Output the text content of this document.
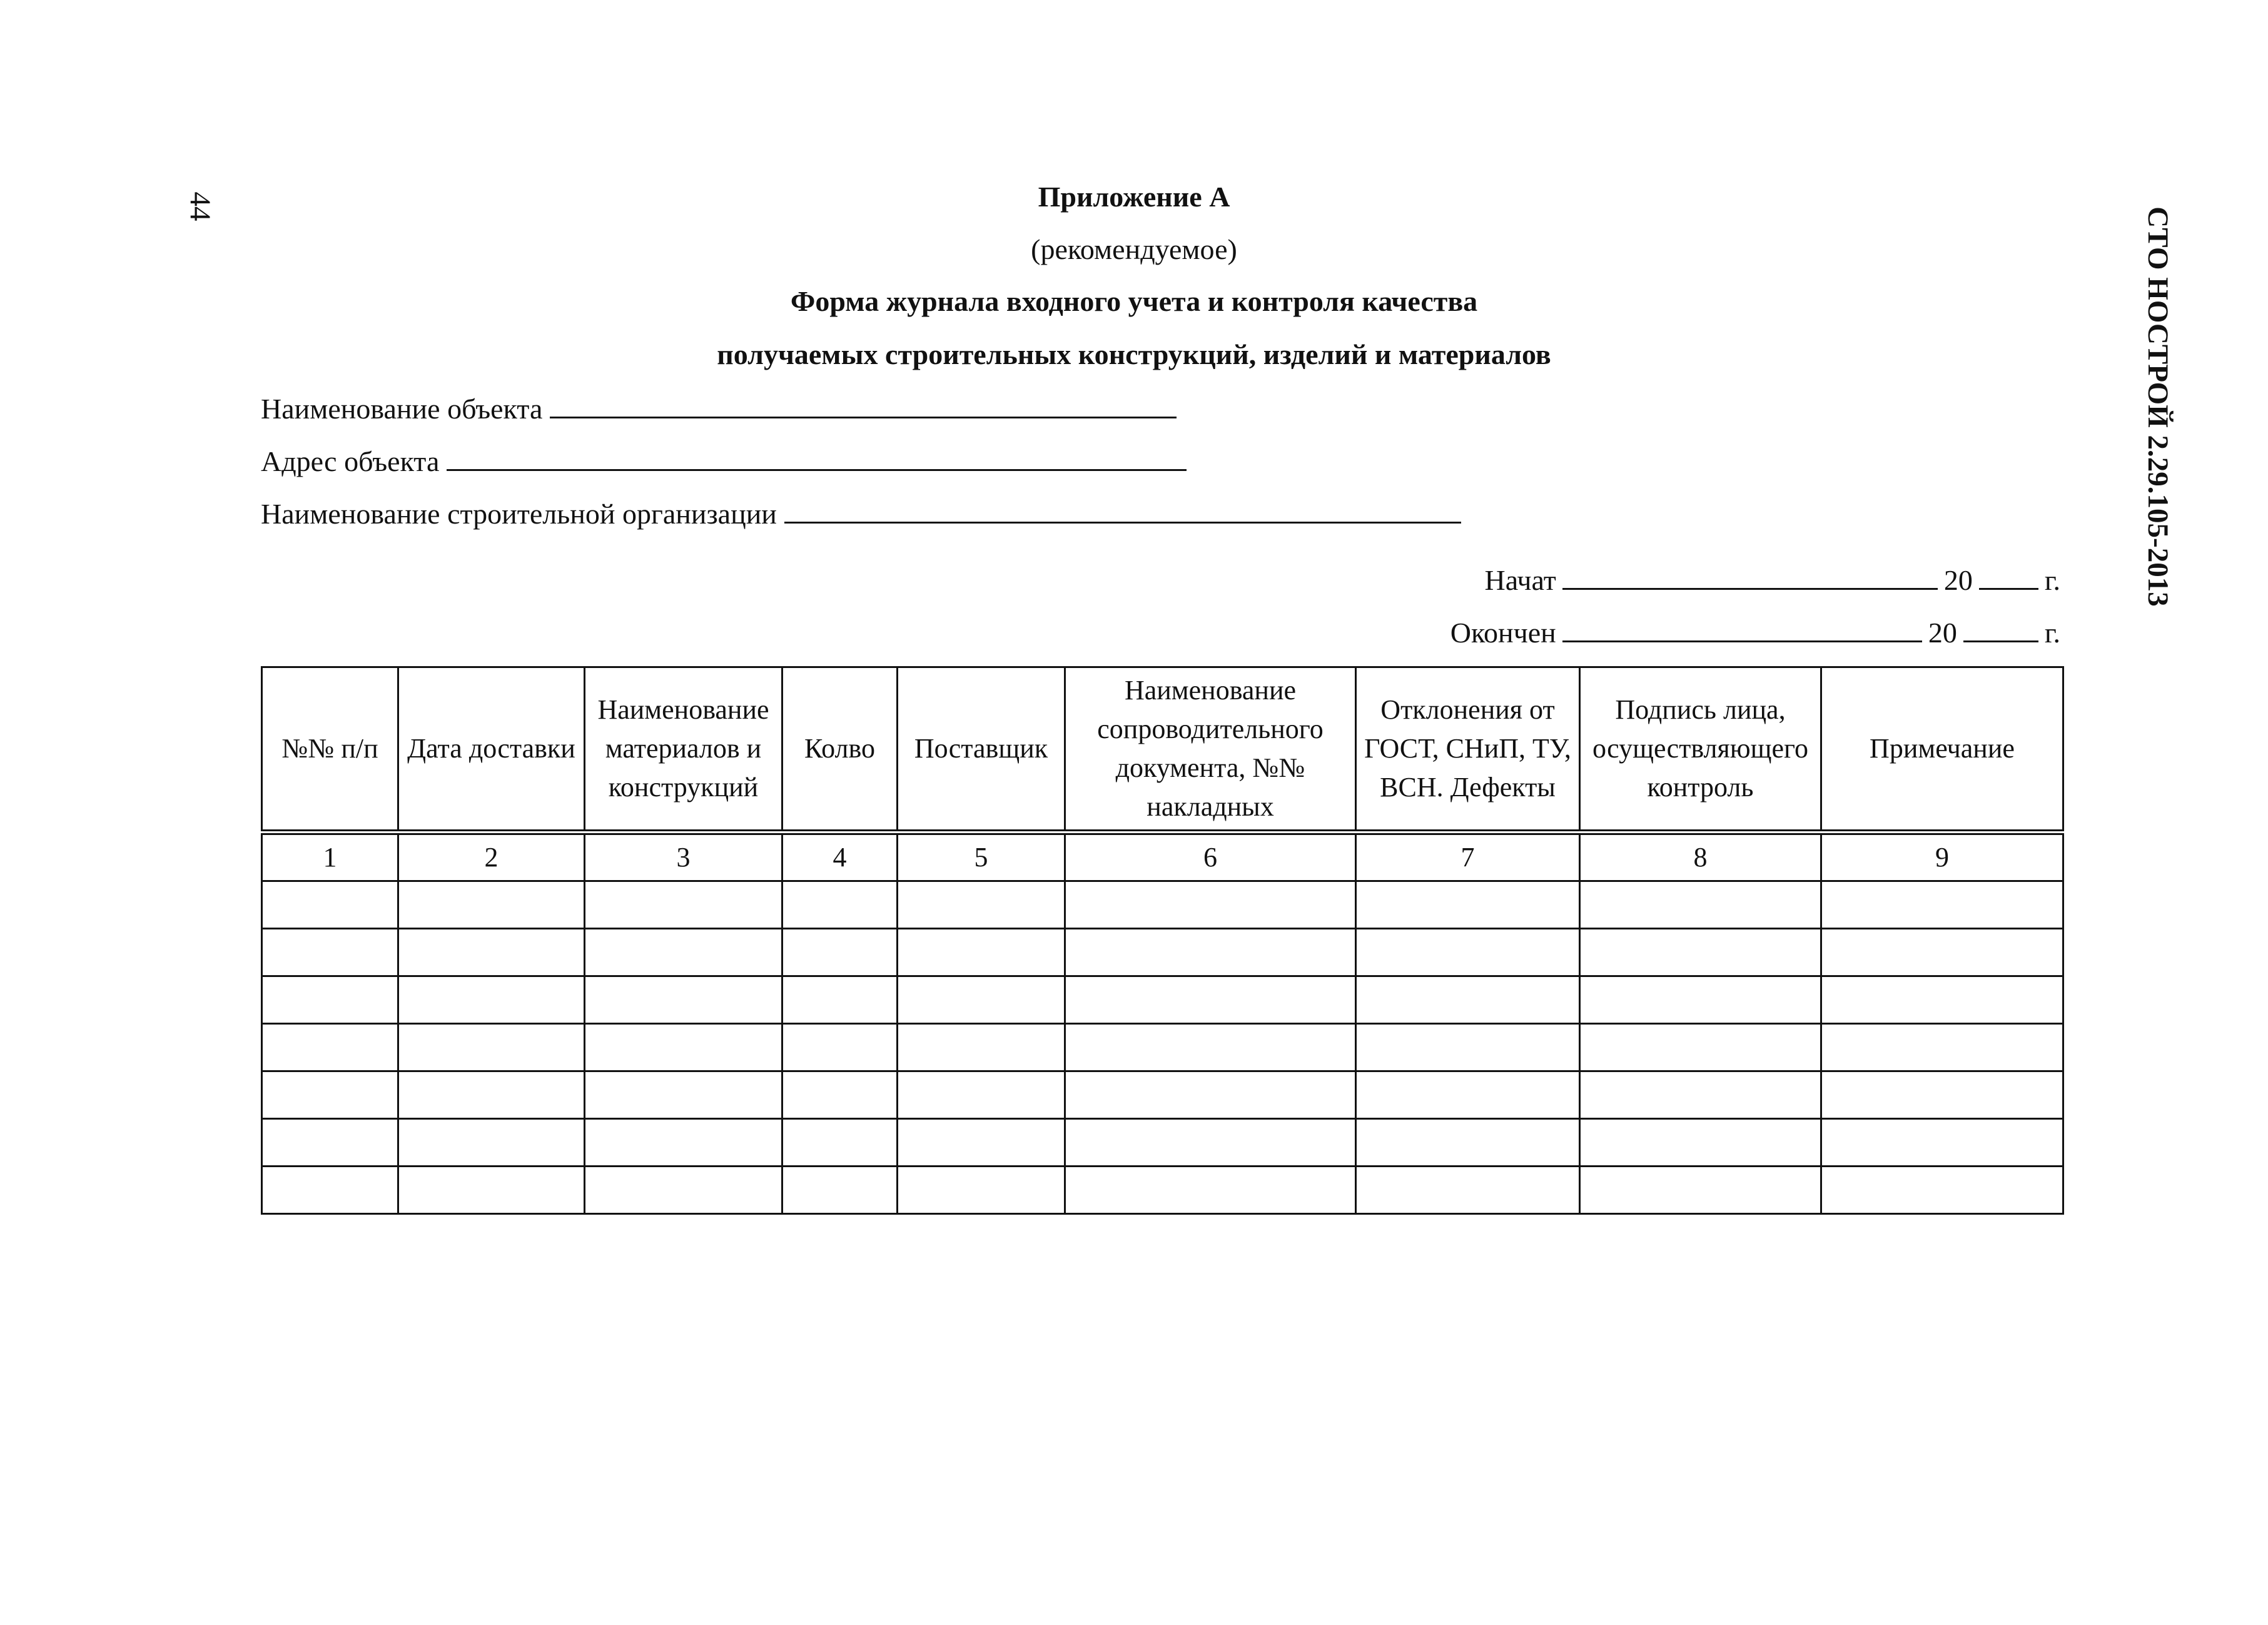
44
СТО НОСТРОЙ 2.29.105-2013
Приложение А
(рекомендуемое)
Форма журнала входного учета и контроля качества
получаемых строительных конструкций, изделий и материалов
Наименование объекта
Адрес объекта
Наименование строительной организации
Начат	20	г.
Окончен	20	г.
№№ п/п	Дата доставки	Наименование материалов и конструкций	Колво	Поставщик	Наименование сопроводительного документа, №№ накладных	Отклонения от ГОСТ, СНиП, ТУ, ВСН. Дефекты	Подпись лица, осуществляющего контроль	Примечание
1	2	3	4	5	6	7	8	9
